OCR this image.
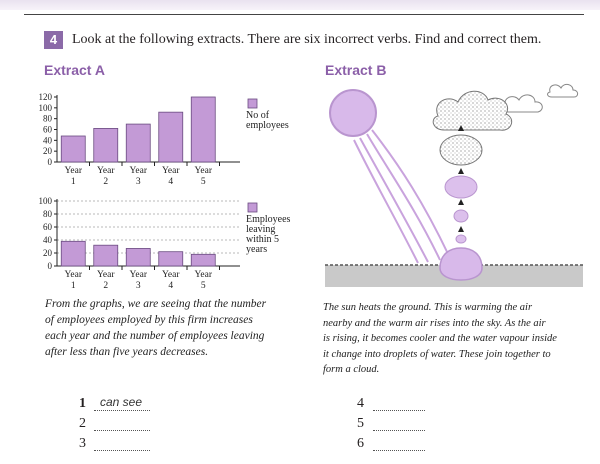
4	Look at the following extracts. There are six incorrect verbs. Find and correct them.
Extract A	Extract B
0
20
40
60
80
100
120
Year
1
Year
2
Year
3
Year
4
Year
5
No of
employees
0
20
40
60
80
100
Year
1
Year
2
Year
3
Year
4
Year
5
Employees
leaving
within 5
years
From the graphs, we are seeing that the number
of employees employed by this firm increases
each year and the number of employees leaving
after less than five years decreases.
The sun heats the ground. This is warming the air
nearby and the warm air rises into the sky. As the air
is rising, it becomes cooler and the water vapour inside
it change into droplets of water. These join together to
form a cloud.
1 can see
2
3
4
5
6
